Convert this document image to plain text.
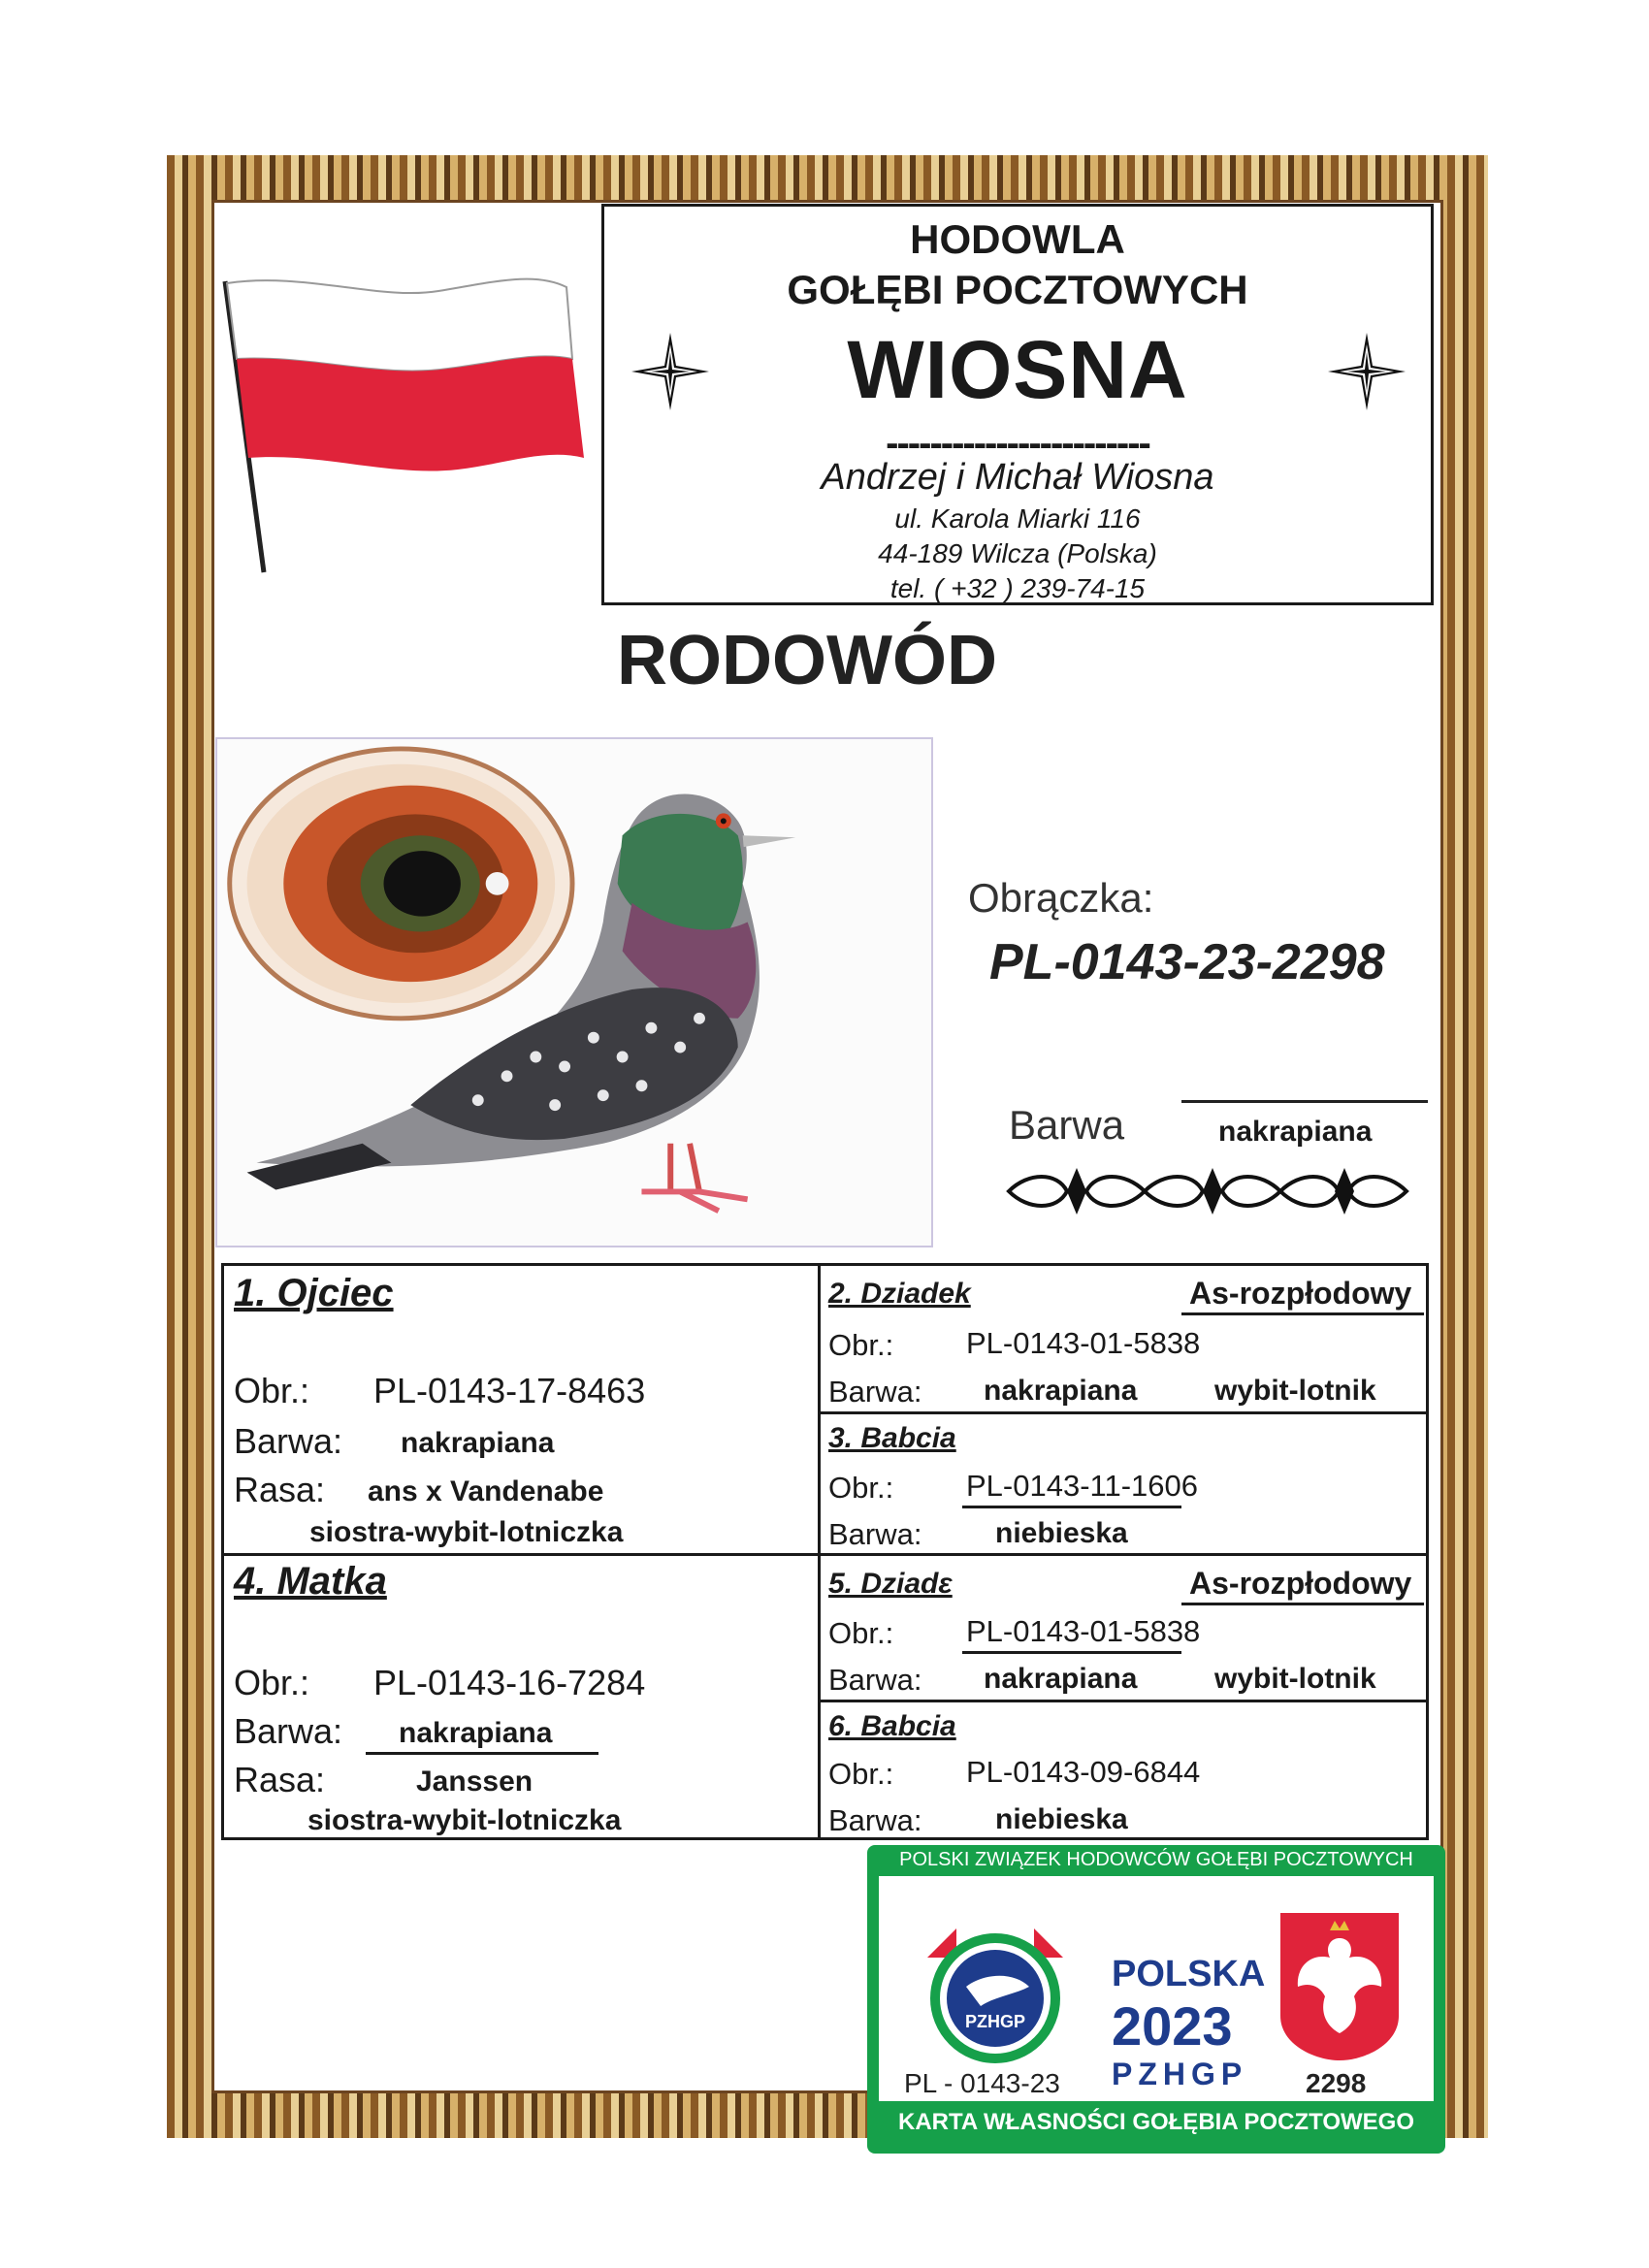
HODOWLA
GOŁĘBI POCZTOWYCH
WIOSNA
------------------------
Andrzej i Michał Wiosna
ul. Karola Miarki 116
44-189 Wilcza (Polska)
tel. ( +32 ) 239-74-15
RODOWÓD
Obrączka:
PL-0143-23-2298
Barwa	nakrapiana
1. Ojciec
Obr.: PL-0143-17-8463
Barwa: nakrapiana
Rasa: ans x Vandenabe
siostra-wybit-lotniczka
4. Matka
Obr.: PL-0143-16-7284
Barwa: nakrapiana
Rasa:	Janssen
siostra-wybit-lotniczka
2. Dziadek	As-rozpłodowy
Obr.: PL-0143-01-5838
Barwa: nakrapiana	wybit-lotnik
3. Babcia
Obr.: PL-0143-11-1606
Barwa:	niebieska
5. Dziadε	As-rozpłodowy
Obr.: PL-0143-01-5838
Barwa: nakrapiana	wybit-lotnik
6. Babcia
Obr.: PL-0143-09-6844
Barwa:	niebieska
POLSKI ZWIĄZEK HODOWCÓW GOŁĘBI POCZTOWYCH
PZHGP
POLSKA
2023
PZHGP
PL - 0143-23	2298
KARTA WŁASNOŚCI GOŁĘBIA POCZTOWEGO
